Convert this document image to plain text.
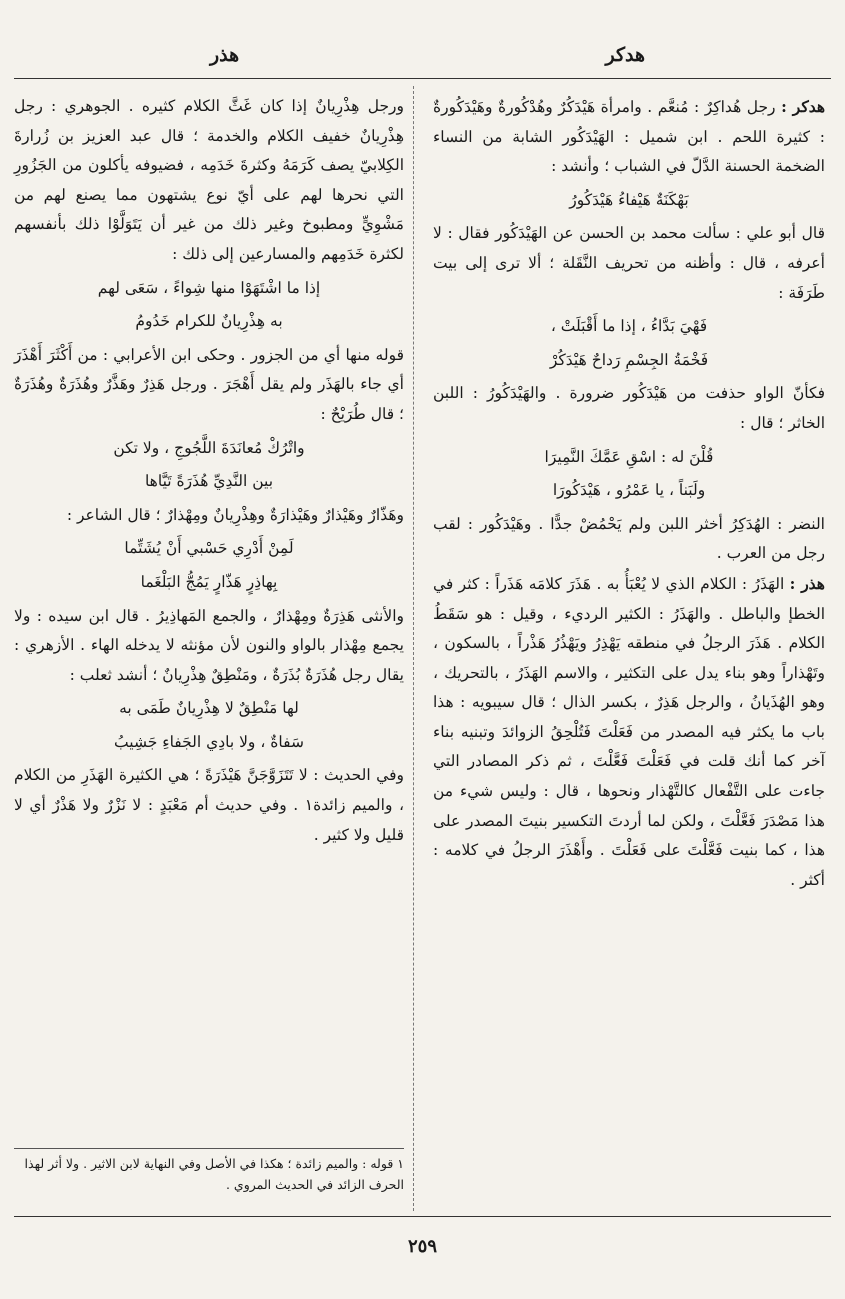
هدكر
هذر

هدكر : رجل هُداكِرٌ : مُنعَّم . وامرأة هَيْدَكُرٌ وهُدْكُورةٌ وهَيْدَكُورةٌ : كثيرة اللحم . ابن شميل : الهَيْدَكُور الشابة من النساء الضخمة الحسنة الدَّلّ في الشباب ؛ وأنشد :

بَهْكَنَةٌ هَيْفاءُ هَيْدَكُورُ

قال أبو علي : سألت محمد بن الحسن عن الهَيْدَكُور فقال : لا أعرفه ، قال : وأظنه من تحريف النَّقَلة ؛ ألا ترى إلى بيت طَرَفَة :

فَهْيَ بَدَّاءُ ، إذا ما أَقْبَلَتْ ،

فَخْمَةُ الجِسْمِ رَداحٌ هَيْدَكُرْ

فكأنّ الواو حذفت من هَيْدَكُور ضرورة . والهَيْدَكُورُ : اللبن الخاثر ؛ قال :

قُلْنَ له : اسْقِ عَمَّكَ النَّمِيرَا

ولَبَناً ، يا عَمْرُو ، هَيْدَكُورَا

النضر : الهُدَكِرُ أخثر اللبن ولم يَحْمُضْ جدًّا . وهَيْدَكُور : لقب رجل من العرب .

هذر : الهَذَرُ : الكلام الذي لا يُعْبَأُ به . هَذَرَ كلامَه هَذَراً : كثر في الخطإ والباطل . والهَذَرُ : الكثير الرديء ، وقيل : هو سَقَطُ الكلام . هَذَرَ الرجلُ في منطقه يَهْذِرُ ويَهْذُرُ هَذْراً ، بالسكون ، وتَهْذاراً وهو بناء يدل على التكثير ، والاسم الهَذَرُ ، بالتحريك ، وهو الهُذَيانُ ، والرجل هَذِرٌ ، بكسر الذال ؛ قال سيبويه : هذا باب ما يكثر فيه المصدر من فَعَلْتَ فَتُلْحِقُ الزوائدَ وتبنيه بناء آخر كما أنك قلت في فَعَلْتَ فَعَّلْتَ ، ثم ذكر المصادر التي جاءت على التَّفْعال كالتَّهْذار ونحوها ، قال : وليس شيء من هذا مَصْدَرَ فَعَّلْتَ ، ولكن لما أردتَ التكسير بنيتَ المصدر على هذا ، كما بنيت فَعَّلْتَ على فَعَلْتَ . وأَهْذَرَ الرجلُ في كلامه : أكثر .

ورجل هِذْرِيانٌ إذا كان غَثَّ الكلام كثيره . الجوهري : رجل هِذْرِيانٌ خفيف الكلام والخدمة ؛ قال عبد العزيز بن زُرارةَ الكِلابيّ يصف كَرَمَهُ وكثرةَ خَدَمِه ، فضيوفه يأكلون من الجَزُورِ التي نحرها لهم على أيّ نوع يشتهون مما يصنع لهم من مَشْوِيٍّ ومطبوخ وغير ذلك من غير أن يَتَوَلَّوْا ذلك بأنفسهم لكثرة خَدَمِهم والمسارعين إلى ذلك :

إذا ما اشْتَهَوْا منها شِواءً ، سَعَى لهم

به هِذْرِيانٌ للكرام خَدُومُ

قوله منها أي من الجزور . وحكى ابن الأعرابي : من أَكْثَرَ أَهْذَرَ أي جاء بالهَذَر ولم يقل أَهْجَرَ . ورجل هَذِرٌ وهَذَّرٌ وهُذَرَةٌ وهُذَرَةٌ ؛ قال طُرَيْحٌ :

واتْرُكْ مُعانَدَةَ اللَّجُوجِ ، ولا تكن

بين النَّدِيِّ هُذَرَةً تَيَّاها

وهَذّارٌ وهَيْذارٌ وهَيْذارَةٌ وهِذْرِيانٌ ومِهْذارٌ ؛ قال الشاعر :

لَمِنْ أَدْرِي حَسْبي أَنْ يُشَتِّما

بِهاذِرٍ هَذّارٍ يَمُجُّ البَلْغَما

والأنثى هَذِرَةٌ ومِهْذارٌ ، والجمع المَهاذِيرُ . قال ابن سيده : ولا يجمع مِهْذار بالواو والنون لأن مؤنثه لا يدخله الهاء . الأزهري : يقال رجل هُذَرَةٌ بُذَرَةٌ ، ومَنْطِقٌ هِذْرِيانٌ ؛ أنشد ثعلب :

لها مَنْطِقٌ لا هِذْرِيانٌ طَمَى به

سَفاةٌ ، ولا بادِي الجَفاءِ جَشِيبُ

وفي الحديث : لا تَتَزَوَّجَنَّ هَيْذَرَةً ؛ هي الكثيرة الهَذَرِ من الكلام ، والميم زائدة١ . وفي حديث أم مَعْبَدٍ : لا نَزْرٌ ولا هَذْرٌ أي لا قليل ولا كثير .

١ قوله : والميم زائدة ؛ هكذا في الأصل وفي النهاية لابن الاثير . ولا أثر لهذا الحرف الزائد في الحديث المروي .
٢٥٩
